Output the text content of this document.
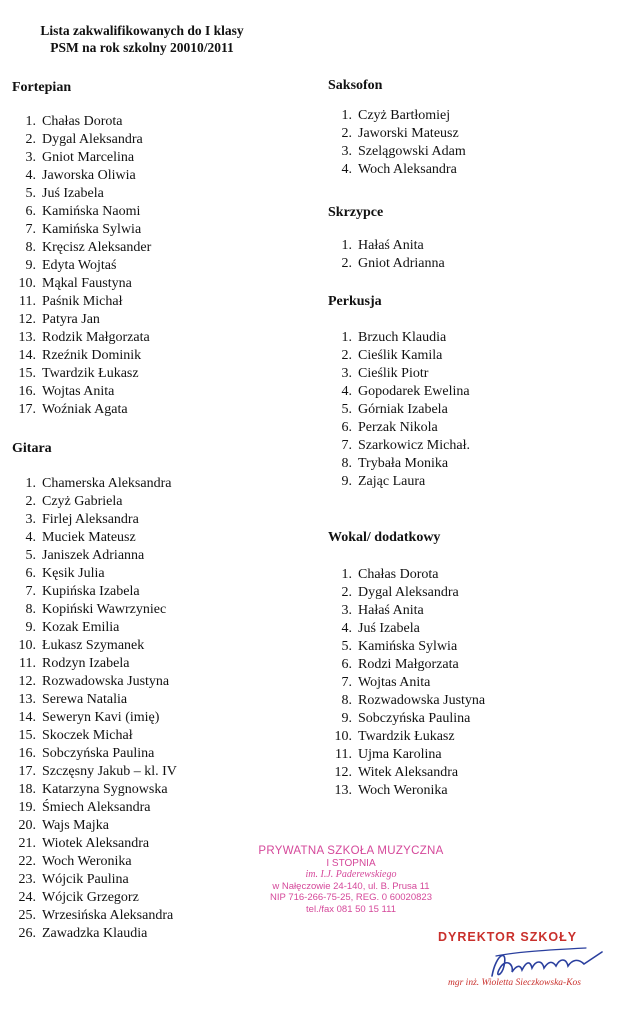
Lista zakwalifikowanych do I klasy
PSM na rok szkolny 20010/2011
Fortepian
1. Chałas Dorota
2. Dygal Aleksandra
3. Gniot Marcelina
4. Jaworska Oliwia
5. Juś Izabela
6. Kamińska Naomi
7. Kamińska Sylwia
8. Kręcisz Aleksander
9. Edyta Wojtaś
10. Mąkal Faustyna
11. Paśnik Michał
12. Patyra Jan
13. Rodzik Małgorzata
14. Rzeźnik Dominik
15. Twardzik Łukasz
16. Wojtas Anita
17. Woźniak Agata
Gitara
1. Chamerska Aleksandra
2. Czyż Gabriela
3. Firlej Aleksandra
4. Muciek Mateusz
5. Janiszek Adrianna
6. Kęsik Julia
7. Kupińska Izabela
8. Kopiński Wawrzyniec
9. Kozak Emilia
10. Łukasz Szymanek
11. Rodzyn Izabela
12. Rozwadowska Justyna
13. Serewa Natalia
14. Seweryn Kavi (imię)
15. Skoczek Michał
16. Sobczyńska Paulina
17. Szczęsny Jakub – kl. IV
18. Katarzyna Sygnowska
19. Śmiech Aleksandra
20. Wajs Majka
21. Wiotek Aleksandra
22. Woch Weronika
23. Wójcik Paulina
24. Wójcik Grzegorz
25. Wrzesińska Aleksandra
26. Zawadzka Klaudia
Saksofon
1. Czyż Bartłomiej
2. Jaworski Mateusz
3. Szelągowski Adam
4. Woch Aleksandra
Skrzypce
1. Hałaś Anita
2. Gniot Adrianna
Perkusja
1. Brzuch Klaudia
2. Cieślik Kamila
3. Cieślik Piotr
4. Gopodarek Ewelina
5. Górniak Izabela
6. Perzak Nikola
7. Szarkowicz Michał.
8. Trybała Monika
9. Zając Laura
Wokal/ dodatkowy
1. Chałas Dorota
2. Dygal Aleksandra
3. Hałaś Anita
4. Juś Izabela
5. Kamińska Sylwia
6. Rodzi Małgorzata
7. Wojtas Anita
8. Rozwadowska Justyna
9. Sobczyńska Paulina
10. Twardzik Łukasz
11. Ujma Karolina
12. Witek Aleksandra
13. Woch Weronika
PRYWATNA SZKOŁA MUZYCZNA
I STOPNIA
im. I.J. Paderewskiego
w Nałęczowie 24-140, ul. B. Prusa 11
NIP 716-266-75-25, REG. 0 60020823
tel./fax 081 50 15 111
DYREKTOR SZKOŁY
mgr inż. Wioletta Sieczkowska-Kos
